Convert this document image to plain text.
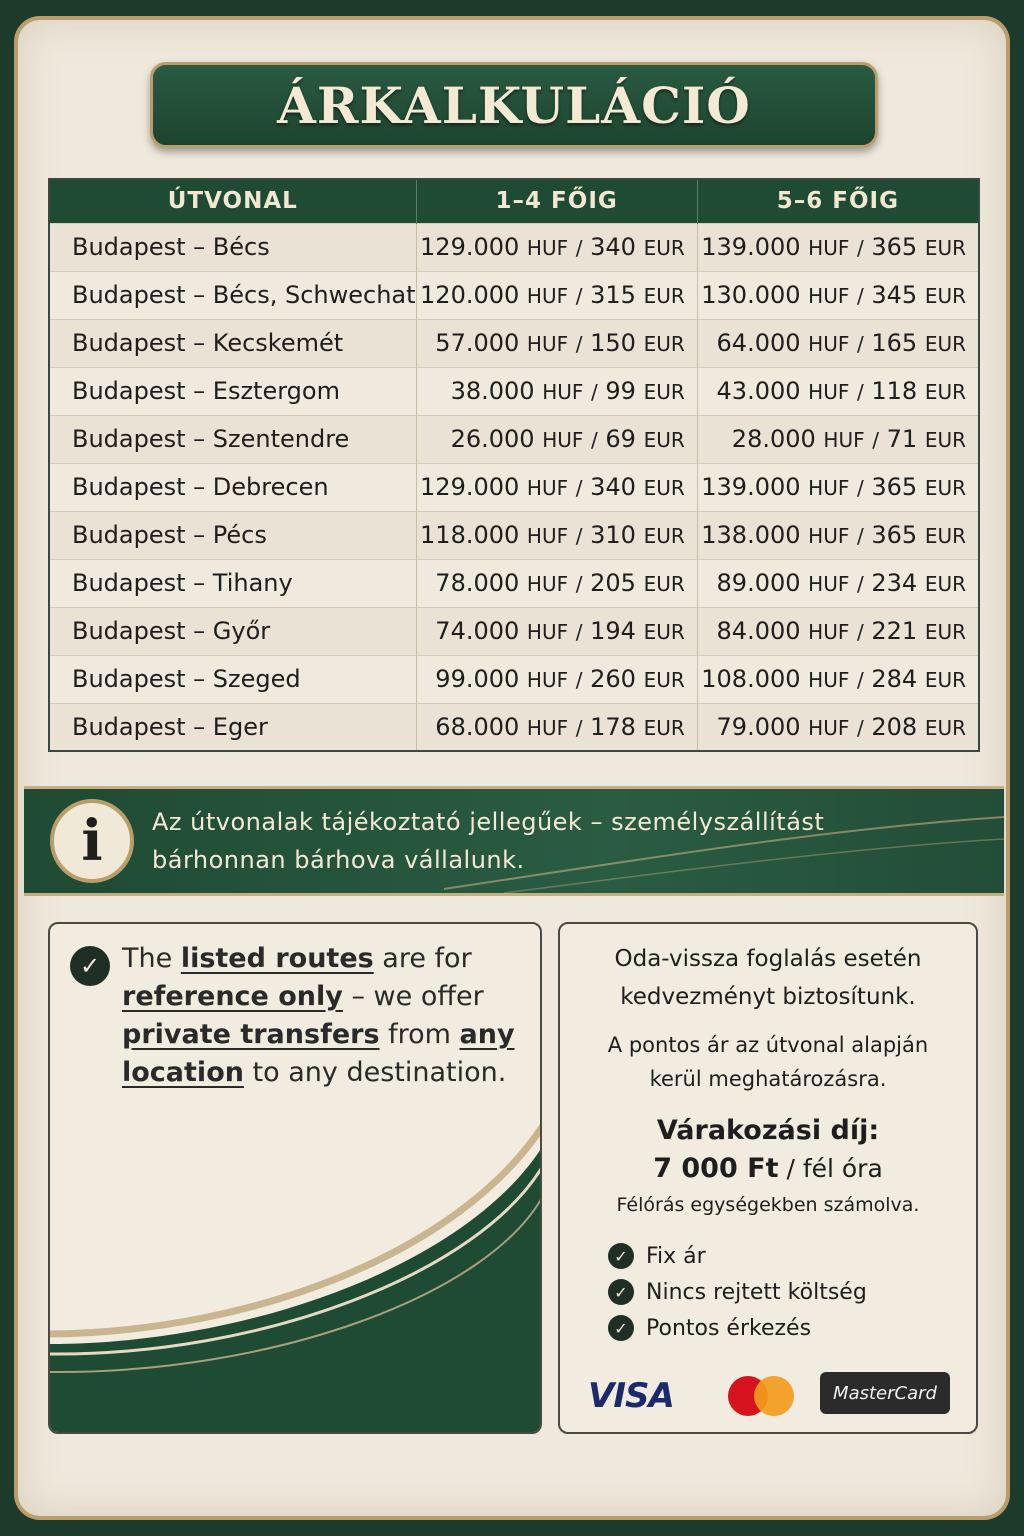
ÁRKALKULÁCIÓ
ÚTVONAL	1–4 FŐIG	5–6 FŐIG
Budapest – Bécs	129.000 HUF / 340 EUR	139.000 HUF / 365 EUR
Budapest – Bécs, Schwechat	120.000 HUF / 315 EUR	130.000 HUF / 345 EUR
Budapest – Kecskemét	57.000 HUF / 150 EUR	64.000 HUF / 165 EUR
Budapest – Esztergom	38.000 HUF / 99 EUR	43.000 HUF / 118 EUR
Budapest – Szentendre	26.000 HUF / 69 EUR	28.000 HUF / 71 EUR
Budapest – Debrecen	129.000 HUF / 340 EUR	139.000 HUF / 365 EUR
Budapest – Pécs	118.000 HUF / 310 EUR	138.000 HUF / 365 EUR
Budapest – Tihany	78.000 HUF / 205 EUR	89.000 HUF / 234 EUR
Budapest – Győr	74.000 HUF / 194 EUR	84.000 HUF / 221 EUR
Budapest – Szeged	99.000 HUF / 260 EUR	108.000 HUF / 284 EUR
Budapest – Eger	68.000 HUF / 178 EUR	79.000 HUF / 208 EUR
i	Az útvonalak tájékoztató jellegűek – személyszállítást
bárhonnan bárhova vállalunk.
✓ The listed routes are for reference only – we offer private transfers from any location to any destination.
Oda-vissza foglalás esetén
kedvezményt biztosítunk.
A pontos ár az útvonal alapján
kerül meghatározásra.
Várakozási díj:
7 000 Ft / fél óra
Félórás egységekben számolva.
✓ Fix ár
✓ Nincs rejtett költség
✓ Pontos érkezés
VISA	MasterCard
